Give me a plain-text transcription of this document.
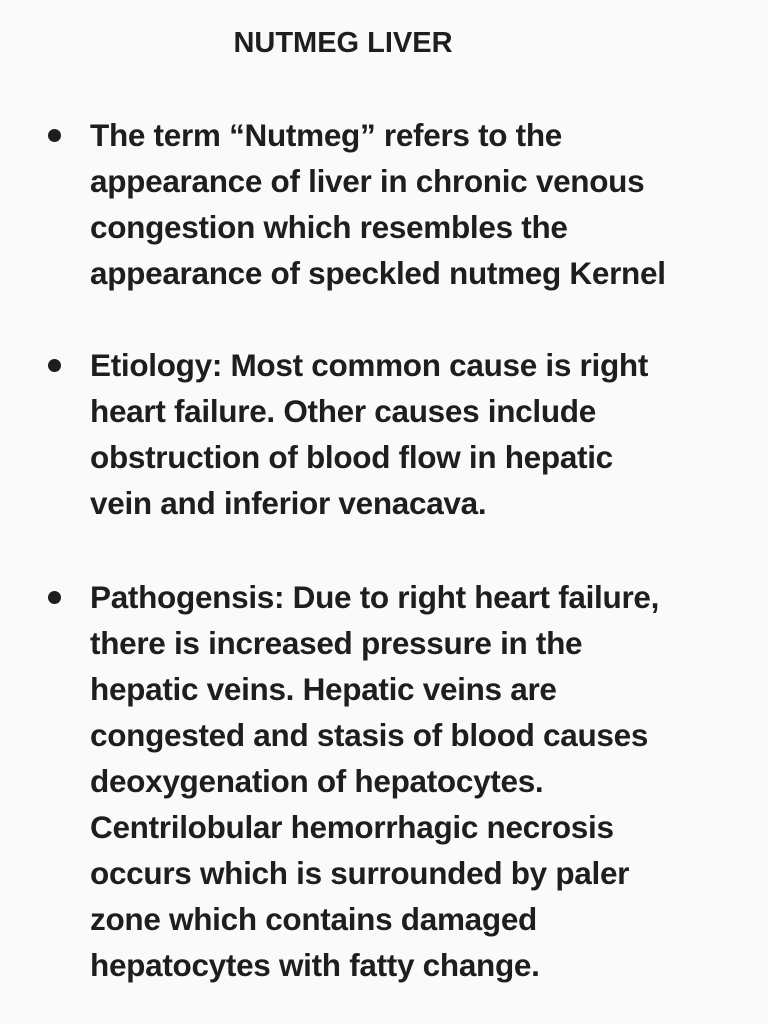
NUTMEG LIVER
The term “Nutmeg” refers to the
appearance of liver in chronic venous
congestion which resembles the
appearance of speckled nutmeg Kernel
Etiology: Most common cause is right
heart failure. Other causes include
obstruction of blood flow in hepatic
vein and inferior venacava.
Pathogensis: Due to right heart failure,
there is increased pressure in the
hepatic veins. Hepatic veins are
congested and stasis of blood causes
deoxygenation of hepatocytes.
Centrilobular hemorrhagic necrosis
occurs which is surrounded by paler
zone which contains damaged
hepatocytes with fatty change.
